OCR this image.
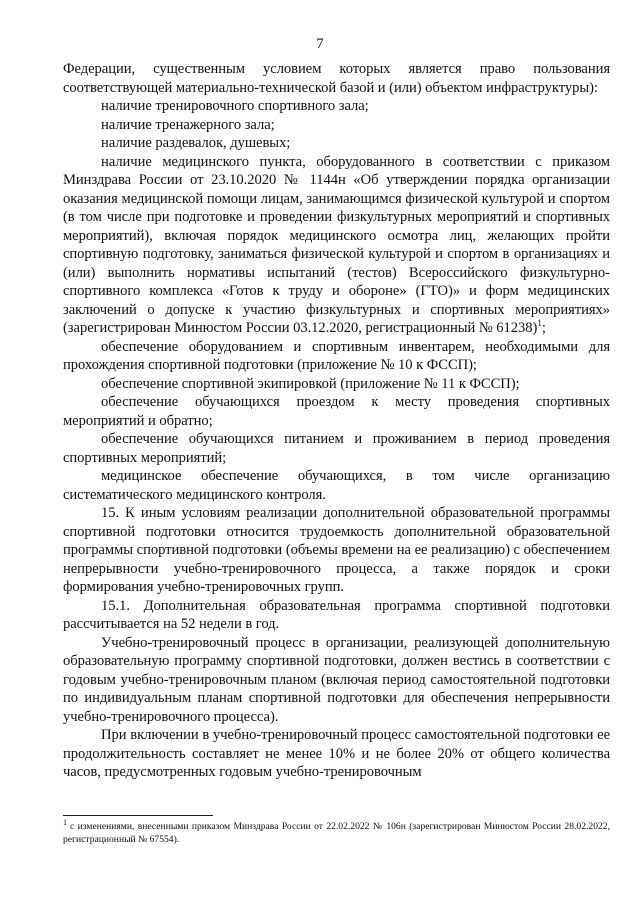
7

Федерации, существенным условием которых является право пользования соответствующей материально-технической базой и (или) объектом инфраструктуры):

наличие тренировочного спортивного зала;

наличие тренажерного зала;

наличие раздевалок, душевых;

наличие медицинского пункта, оборудованного в соответствии с приказом Минздрава России от 23.10.2020 № 1144н «Об утверждении порядка организации оказания медицинской помощи лицам, занимающимся физической культурой и спортом (в том числе при подготовке и проведении физкультурных мероприятий и спортивных мероприятий), включая порядок медицинского осмотра лиц, желающих пройти спортивную подготовку, заниматься физической культурой и спортом в организациях и (или) выполнить нормативы испытаний (тестов) Всероссийского физкультурно-спортивного комплекса «Готов к труду и обороне» (ГТО)» и форм медицинских заключений о допуске к участию физкультурных и спортивных мероприятиях» (зарегистрирован Минюстом России 03.12.2020, регистрационный № 61238)$^1$;

обеспечение оборудованием и спортивным инвентарем, необходимыми для прохождения спортивной подготовки (приложение № 10 к ФССП);

обеспечение спортивной экипировкой (приложение № 11 к ФССП);

обеспечение обучающихся проездом к месту проведения спортивных мероприятий и обратно;

обеспечение обучающихся питанием и проживанием в период проведения спортивных мероприятий;

медицинское обеспечение обучающихся, в том числе организацию систематического медицинского контроля.

15. К иным условиям реализации дополнительной образовательной программы спортивной подготовки относится трудоемкость дополнительной образовательной программы спортивной подготовки (объемы времени на ее реализацию) с обеспечением непрерывности учебно-тренировочного процесса, а также порядок и сроки формирования учебно-тренировочных групп.

15.1. Дополнительная образовательная программа спортивной подготовки рассчитывается на 52 недели в год.

Учебно-тренировочный процесс в организации, реализующей дополнительную образовательную программу спортивной подготовки, должен вестись в соответствии с годовым учебно-тренировочным планом (включая период самостоятельной подготовки по индивидуальным планам спортивной подготовки для обеспечения непрерывности учебно-тренировочного процесса).

При включении в учебно-тренировочный процесс самостоятельной подготовки ее продолжительность составляет не менее 10% и не более 20% от общего количества часов, предусмотренных годовым учебно-тренировочным

$^1$ с изменениями, внесенными приказом Минздрава России от 22.02.2022 № 106н (зарегистрирован Минюстом России 28.02.2022, регистрационный № 67554).
